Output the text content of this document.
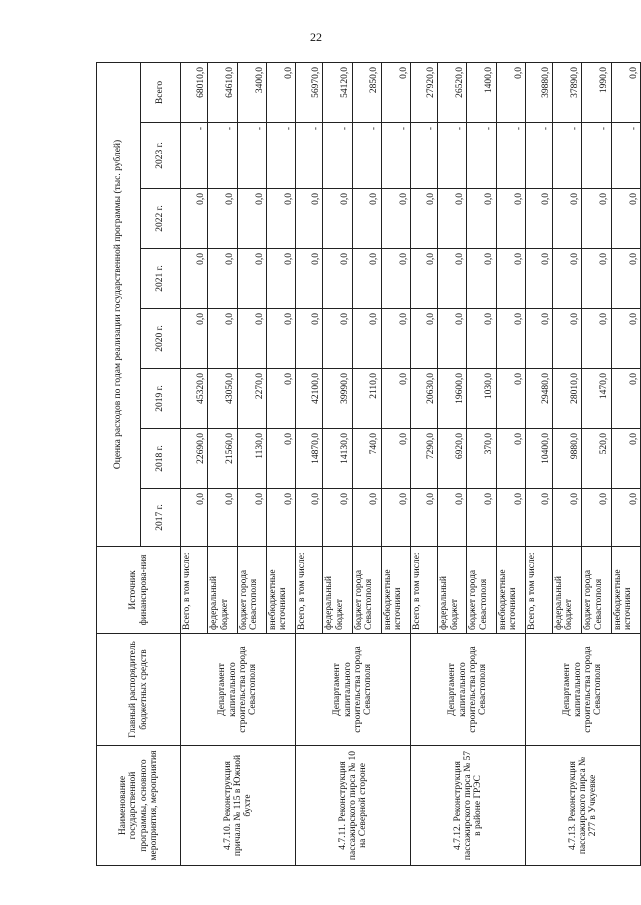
22
Наименование государственной программы, основного мероприятия, мероприятия	Главный распорядитель бюджетных средств	Источник финансирова-ния	Оценка расходов по годам реализации государственной программы (тыс. рублей)							
			2017 г.	2018 г.	2019 г.	2020 г.	2021 г.	2022 г.	2023 г.	Всего
4.7.10. Реконструкция причала № 115 в Южной бухте	Департамент капитального строительства города Севастополя	Всего, в том числе:	0,0	22690,0	45320,0	0,0	0,0	0,0	-	68010,0
		федеральный бюджет	0,0	21560,0	43050,0	0,0	0,0	0,0	-	64610,0
		бюджет города Севастополя	0,0	1130,0	2270,0	0,0	0,0	0,0	-	3400,0
		внебюджетные источники	0,0	0,0	0,0	0,0	0,0	0,0	-	0,0
4.7.11. Реконструкция пассажирского пирса № 10 на Северной стороне	Департамент капитального строительства города Севастополя	Всего, в том числе:	0,0	14870,0	42100,0	0,0	0,0	0,0	-	56970,0
		федеральный бюджет	0,0	14130,0	39990,0	0,0	0,0	0,0	-	54120,0
		бюджет города Севастополя	0,0	740,0	2110,0	0,0	0,0	0,0	-	2850,0
		внебюджетные источники	0,0	0,0	0,0	0,0	0,0	0,0	-	0,0
4.7.12. Реконструкция пассажирского пирса № 57 в районе ГРЭС	Департамент капитального строительства города Севастополя	Всего, в том числе:	0,0	7290,0	20630,0	0,0	0,0	0,0	-	27920,0
		федеральный бюджет	0,0	6920,0	19600,0	0,0	0,0	0,0	-	26520,0
		бюджет города Севастополя	0,0	370,0	1030,0	0,0	0,0	0,0	-	1400,0
		внебюджетные источники	0,0	0,0	0,0	0,0	0,0	0,0	-	0,0
4.7.13. Реконструкция пассажирского пирса № 277 в Учкуевке	Департамент капитального строительства города Севастополя	Всего, в том числе:	0,0	10400,0	29480,0	0,0	0,0	0,0	-	39880,0
		федеральный бюджет	0,0	9880,0	28010,0	0,0	0,0	0,0	-	37890,0
		бюджет города Севастополя	0,0	520,0	1470,0	0,0	0,0	0,0	-	1990,0
		внебюджетные источники	0,0	0,0	0,0	0,0	0,0	0,0	-	0,0
